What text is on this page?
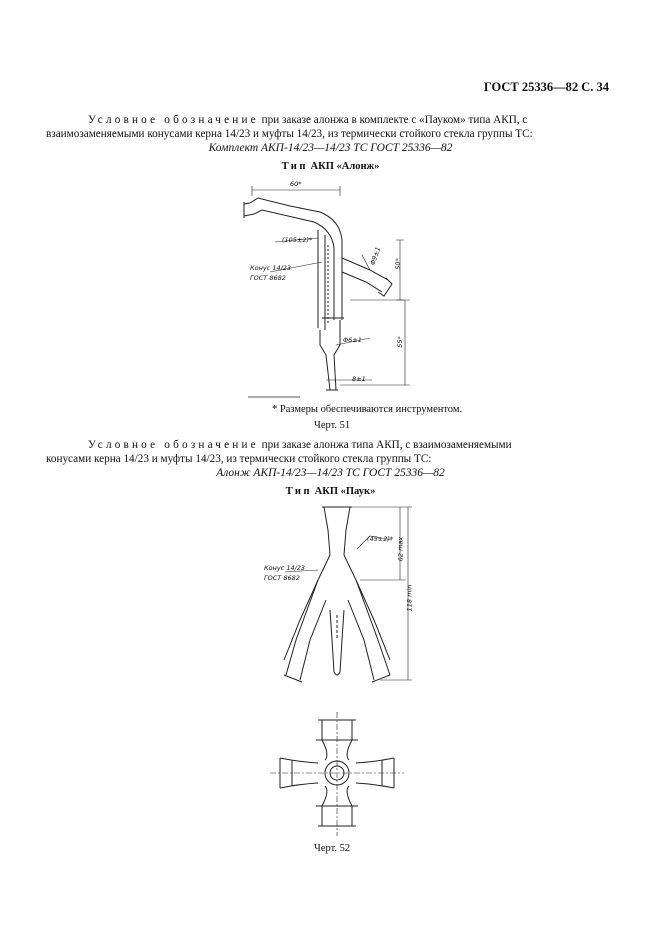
ГОСТ 25336—82 С. 34
Условное обозначение при заказе алонжа в комплекте с «Пауком» типа АКП, с
взаимозаменяемыми конусами керна 14/23 и муфты 14/23, из термически стойкого стекла группы ТС:
Комплект АКП-14/23—14/23 ТС ГОСТ 25336—82
Тип АКП «Алонж»
60*
(105±2)*
Φ9±1 50*
55*
Φ6±1
8±1
Конус 14/23
ГОСТ 8682
* Размеры обеспечиваются инструментом.
Черт. 51
Условное обозначение при заказе алонжа типа АКП, с взаимозаменяемыми
конусами керна 14/23 и муфты 14/23, из термически стойкого стекла группы ТС:
Алонж АКП-14/23—14/23 ТС ГОСТ 25336—82
Тип АКП «Паук»
(45±2)* 62 max
118 min
Конус 14/23
ГОСТ 8682
Черт. 52
